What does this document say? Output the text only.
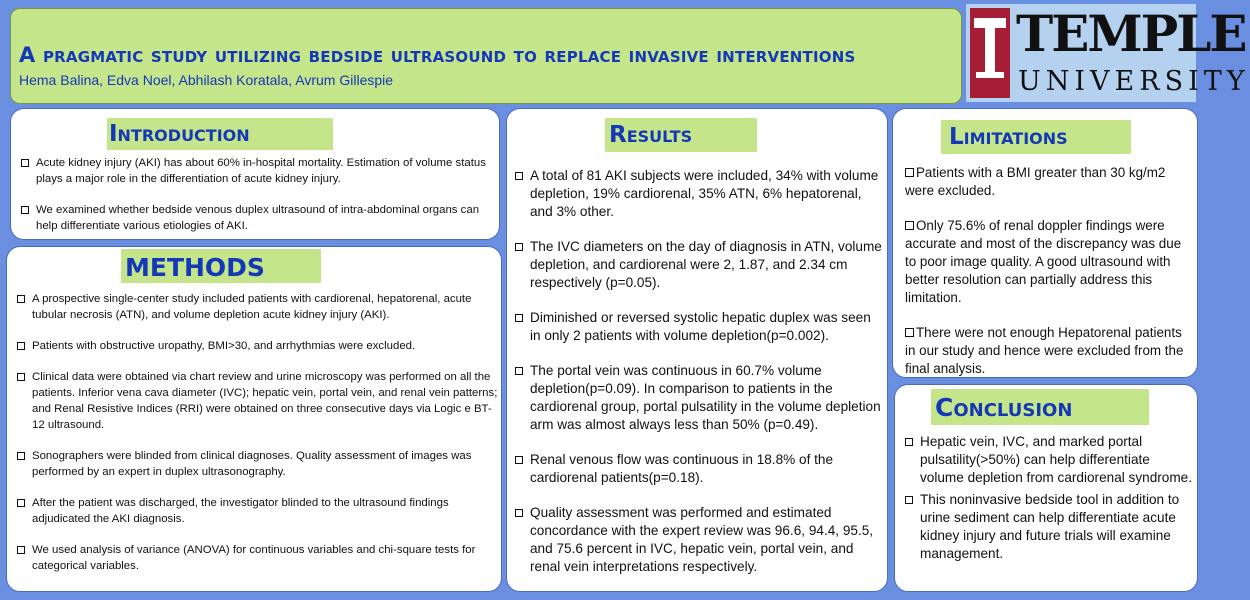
A pragmatic study utilizing bedside ultrasound to replace invasive interventions
Hema Balina, Edva Noel, Abhilash Koratala, Avrum Gillespie
TEMPLE
UNIVERSITY
Introduction
Acute kidney injury (AKI) has about 60% in-hospital mortality. Estimation of volume status plays a major role in the differentiation of acute kidney injury.
We examined whether bedside venous duplex ultrasound of intra-abdominal organs can help differentiate various etiologies of AKI.
METHODS
A prospective single-center study included patients with cardiorenal, hepatorenal, acute tubular necrosis (ATN), and volume depletion acute kidney injury (AKI).
Patients with obstructive uropathy, BMI>30, and arrhythmias were excluded.
Clinical data were obtained via chart review and urine microscopy was performed on all the patients. Inferior vena cava diameter (IVC); hepatic vein, portal vein, and renal vein patterns; and Renal Resistive Indices (RRI) were obtained on three consecutive days via Logic e BT-12 ultrasound.
Sonographers were blinded from clinical diagnoses. Quality assessment of images was performed by an expert in duplex ultrasonography.
After the patient was discharged, the investigator blinded to the ultrasound findings adjudicated the AKI diagnosis.
We used analysis of variance (ANOVA) for continuous variables and chi-square tests for categorical variables.
Results
A total of 81 AKI subjects were included, 34% with volume depletion, 19% cardiorenal, 35% ATN, 6% hepatorenal, and 3% other.
The IVC diameters on the day of diagnosis in ATN, volume depletion, and cardiorenal were 2, 1.87, and 2.34 cm respectively (p=0.05).
Diminished or reversed systolic hepatic duplex was seen in only 2 patients with volume depletion(p=0.002).
The portal vein was continuous in 60.7% volume depletion(p=0.09). In comparison to patients in the cardiorenal group, portal pulsatility in the volume depletion arm was almost always less than 50% (p=0.49).
Renal venous flow was continuous in 18.8% of the cardiorenal patients(p=0.18).
Quality assessment was performed and estimated concordance with the expert review was 96.6, 94.4, 95.5, and 75.6 percent in IVC, hepatic vein, portal vein, and renal vein interpretations respectively.
Limitations
Patients with a BMI greater than 30 kg/m2 were excluded.
Only 75.6% of renal doppler findings were accurate and most of the discrepancy was due to poor image quality. A good ultrasound with better resolution can partially address this limitation.
There were not enough Hepatorenal patients in our study and hence were excluded from the final analysis.
Conclusion
Hepatic vein, IVC, and marked portal pulsatility(>50%) can help differentiate volume depletion from cardiorenal syndrome.
This noninvasive bedside tool in addition to urine sediment can help differentiate acute kidney injury and future trials will examine management.
